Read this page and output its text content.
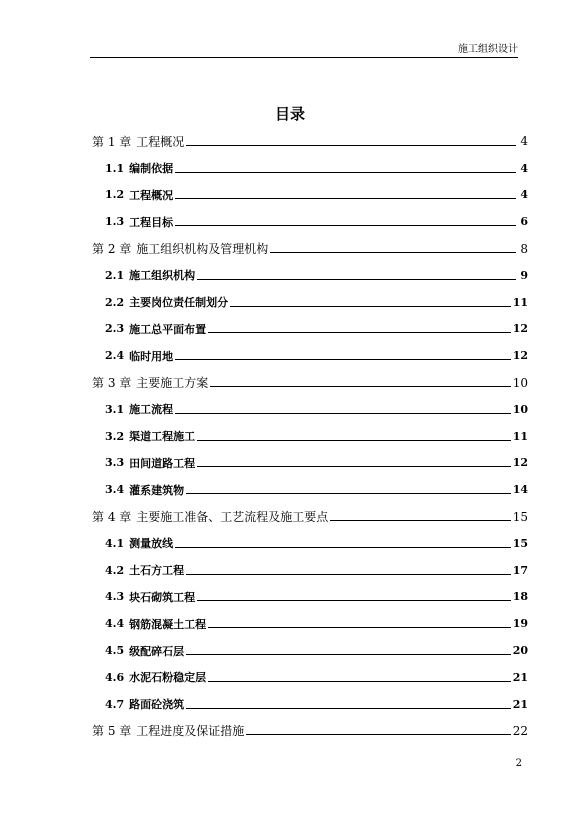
施工组织设计
目录
第 1 章 工程概况	4
1.1 编制依据	4
1.2 工程概况	4
1.3 工程目标	6
第 2 章 施工组织机构及管理机构	8
2.1 施工组织机构	9
2.2 主要岗位责任制划分	11
2.3 施工总平面布置	12
2.4 临时用地	12
第 3 章 主要施工方案	10
3.1 施工流程	10
3.2 渠道工程施工	11
3.3 田间道路工程	12
3.4 灌系建筑物	14
第 4 章 主要施工准备、工艺流程及施工要点	15
4.1 测量放线	15
4.2 土石方工程	17
4.3 块石砌筑工程	18
4.4 钢筋混凝土工程	19
4.5 级配碎石层	20
4.6 水泥石粉稳定层	21
4.7 路面砼浇筑	21
第 5 章 工程进度及保证措施	22
2
